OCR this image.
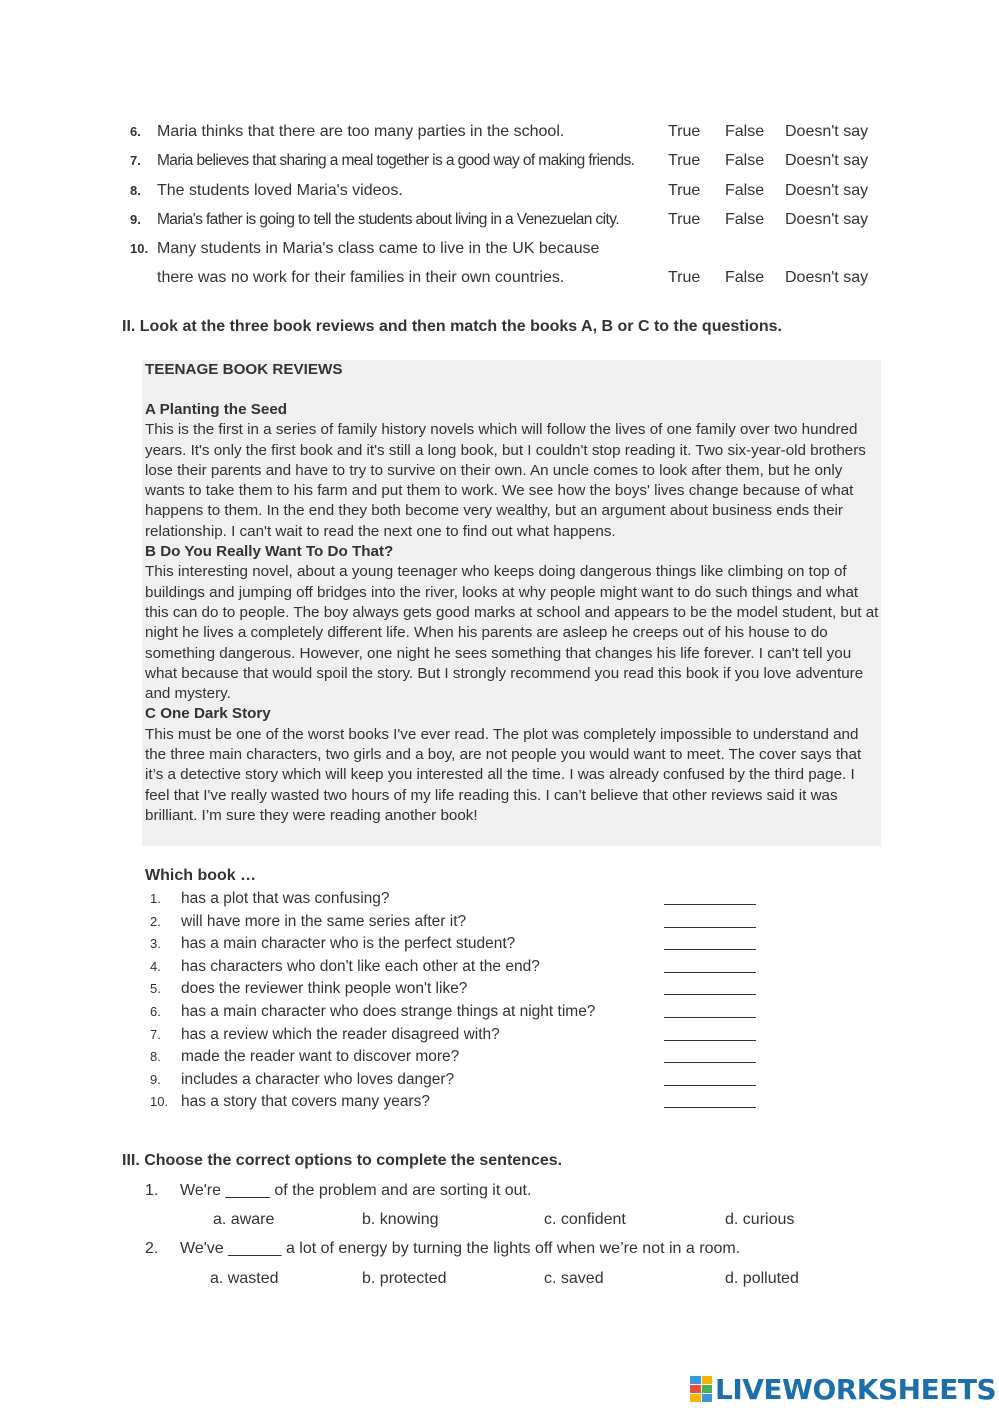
6. Maria thinks that there are too many parties in the school.	True False Doesn't say
7. Maria believes that sharing a meal together is a good way of making friends. True False Doesn't say
8. The students loved Maria's videos.	True False Doesn't say
9. Maria's father is going to tell the students about living in a Venezuelan city.	True False Doesn't say
10. Many students in Maria's class came to live in the UK because
there was no work for their families in their own countries.	True False Doesn't say
II. Look at the three book reviews and then match the books A, B or C to the questions.

TEENAGE BOOK REVIEWS

A Planting the Seed

This is the first in a series of family history novels which will follow the lives of one family over two hundred years. It's only the first book and it's still a long book, but I couldn't stop reading it. Two six-year-old brothers lose their parents and have to try to survive on their own. An uncle comes to look after them, but he only wants to take them to his farm and put them to work. We see how the boys' lives change because of what happens to them. In the end they both become very wealthy, but an argument about business ends their relationship. I can't wait to read the next one to find out what happens.

B Do You Really Want To Do That?

This interesting novel, about a young teenager who keeps doing dangerous things like climbing on top of buildings and jumping off bridges into the river, looks at why people might want to do such things and what this can do to people. The boy always gets good marks at school and appears to be the model student, but at night he lives a completely different life. When his parents are asleep he creeps out of his house to do something dangerous. However, one night he sees something that changes his life forever. I can't tell you what because that would spoil the story. But I strongly recommend you read this book if you love adventure and mystery.

C One Dark Story

This must be one of the worst books I've ever read. The plot was completely impossible to understand and the three main characters, two girls and a boy, are not people you would want to meet. The cover says that it’s a detective story which will keep you interested all the time. I was already confused by the third page. I feel that I've really wasted two hours of my life reading this. I can’t believe that other reviews said it was brilliant. I’m sure they were reading another book!

Which book …
1. has a plot that was confusing?
2. will have more in the same series after it?
3. has a main character who is the perfect student?
4. has characters who don't like each other at the end?
5. does the reviewer think people won't like?
6. has a main character who does strange things at night time?
7. has a review which the reader disagreed with?
8. made the reader want to discover more?
9. includes a character who loves danger?
10. has a story that covers many years?
III. Choose the correct options to complete the sentences.
1. We're _____ of the problem and are sorting it out.
a. aware	b. knowing	c. confident	d. curious
2. We've ______ a lot of energy by turning the lights off when we’re not in a room.
a. wasted	b. protected	c. saved	d. polluted
LIVEWORKSHEETS
